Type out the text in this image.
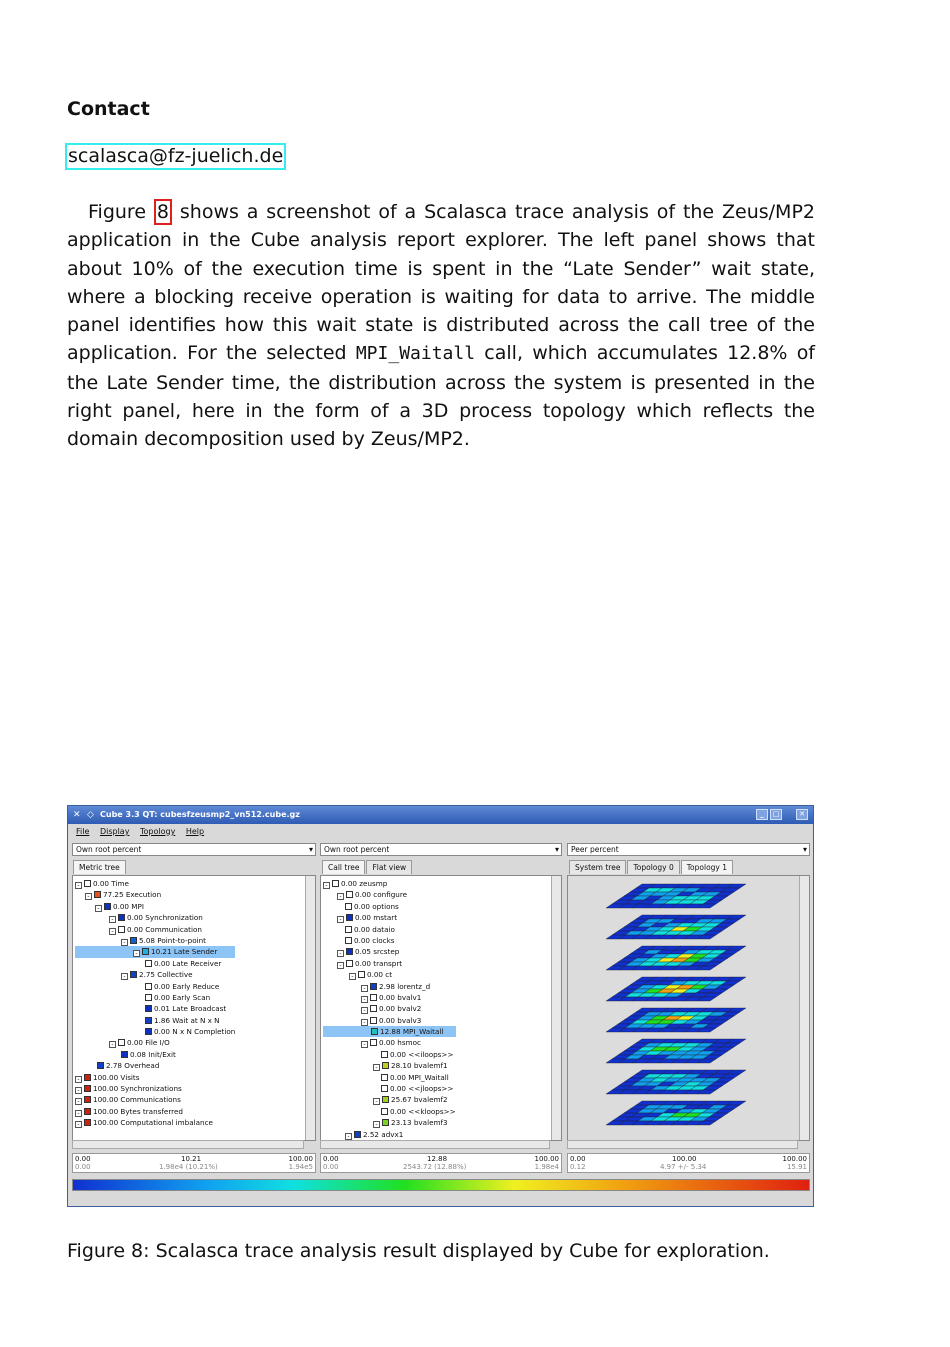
Contact
scalasca@fz-juelich.de
Figure 8 shows a screenshot of a Scalasca trace analysis of the Zeus/MP2 application in the Cube analysis report explorer. The left panel shows that about 10% of the execution time is spent in the “Late Sender” wait state, where a blocking receive operation is waiting for data to arrive. The middle panel identifies how this wait state is distributed across the call tree of the application. For the selected MPI_Waitall call, which accumulates 12.8% of the Late Sender time, the distribution across the system is presented in the right panel, here in the form of a 3D process topology which reflects the domain decomposition used by Zeus/MP2.
✕ ◇ Cube 3.3 QT: cubesfzeusmp2_vn512.cube.gz	_	□	✕
File Display Topology Help
Own root percent ▾	Own root percent ▾	Peer percent ▾
Metric tree	Call tree Flat view	System tree Topology 0 Topology 1
- 0.00 Time
- 77.25 Execution
- 0.00 MPI
- 0.00 Synchronization
- 0.00 Communication
- 5.08 Point-to-point
- 10.21 Late Sender
0.00 Late Receiver
- 2.75 Collective
0.00 Early Reduce
0.00 Early Scan
0.01 Late Broadcast
1.86 Wait at N x N
0.00 N x N Completion
- 0.00 File I/O
0.08 Init/Exit
2.78 Overhead
- 100.00 Visits
- 100.00 Synchronizations
- 100.00 Communications
- 100.00 Bytes transferred
- 100.00 Computational imbalance
- 0.00 zeusmp
- 0.00 configure
0.00 options
- 0.00 mstart
0.00 dataio
0.00 clocks
- 0.05 srcstep
- 0.00 transprt
- 0.00 ct
- 2.98 lorentz_d
- 0.00 bvalv1
- 0.00 bvalv2
- 0.00 bvalv3
12.88 MPI_Waitall
- 0.00 hsmoc
0.00 <<iloops>>
- 28.10 bvalemf1
0.00 MPI_Waitall
0.00 <<jloops>>
- 25.67 bvalemf2
0.00 <<kloops>>
- 23.13 bvalemf3
- 2.52 advx1
0.00	10.21	100.00
0.00	1.98e4 (10.21%)	1.94e5
0.00	12.88	100.00
0.00	2543.72 (12.88%)	1.98e4
0.00	100.00	100.00
0.12	4.97 +/- 5.34	15.91
Figure 8: Scalasca trace analysis result displayed by Cube for exploration.
